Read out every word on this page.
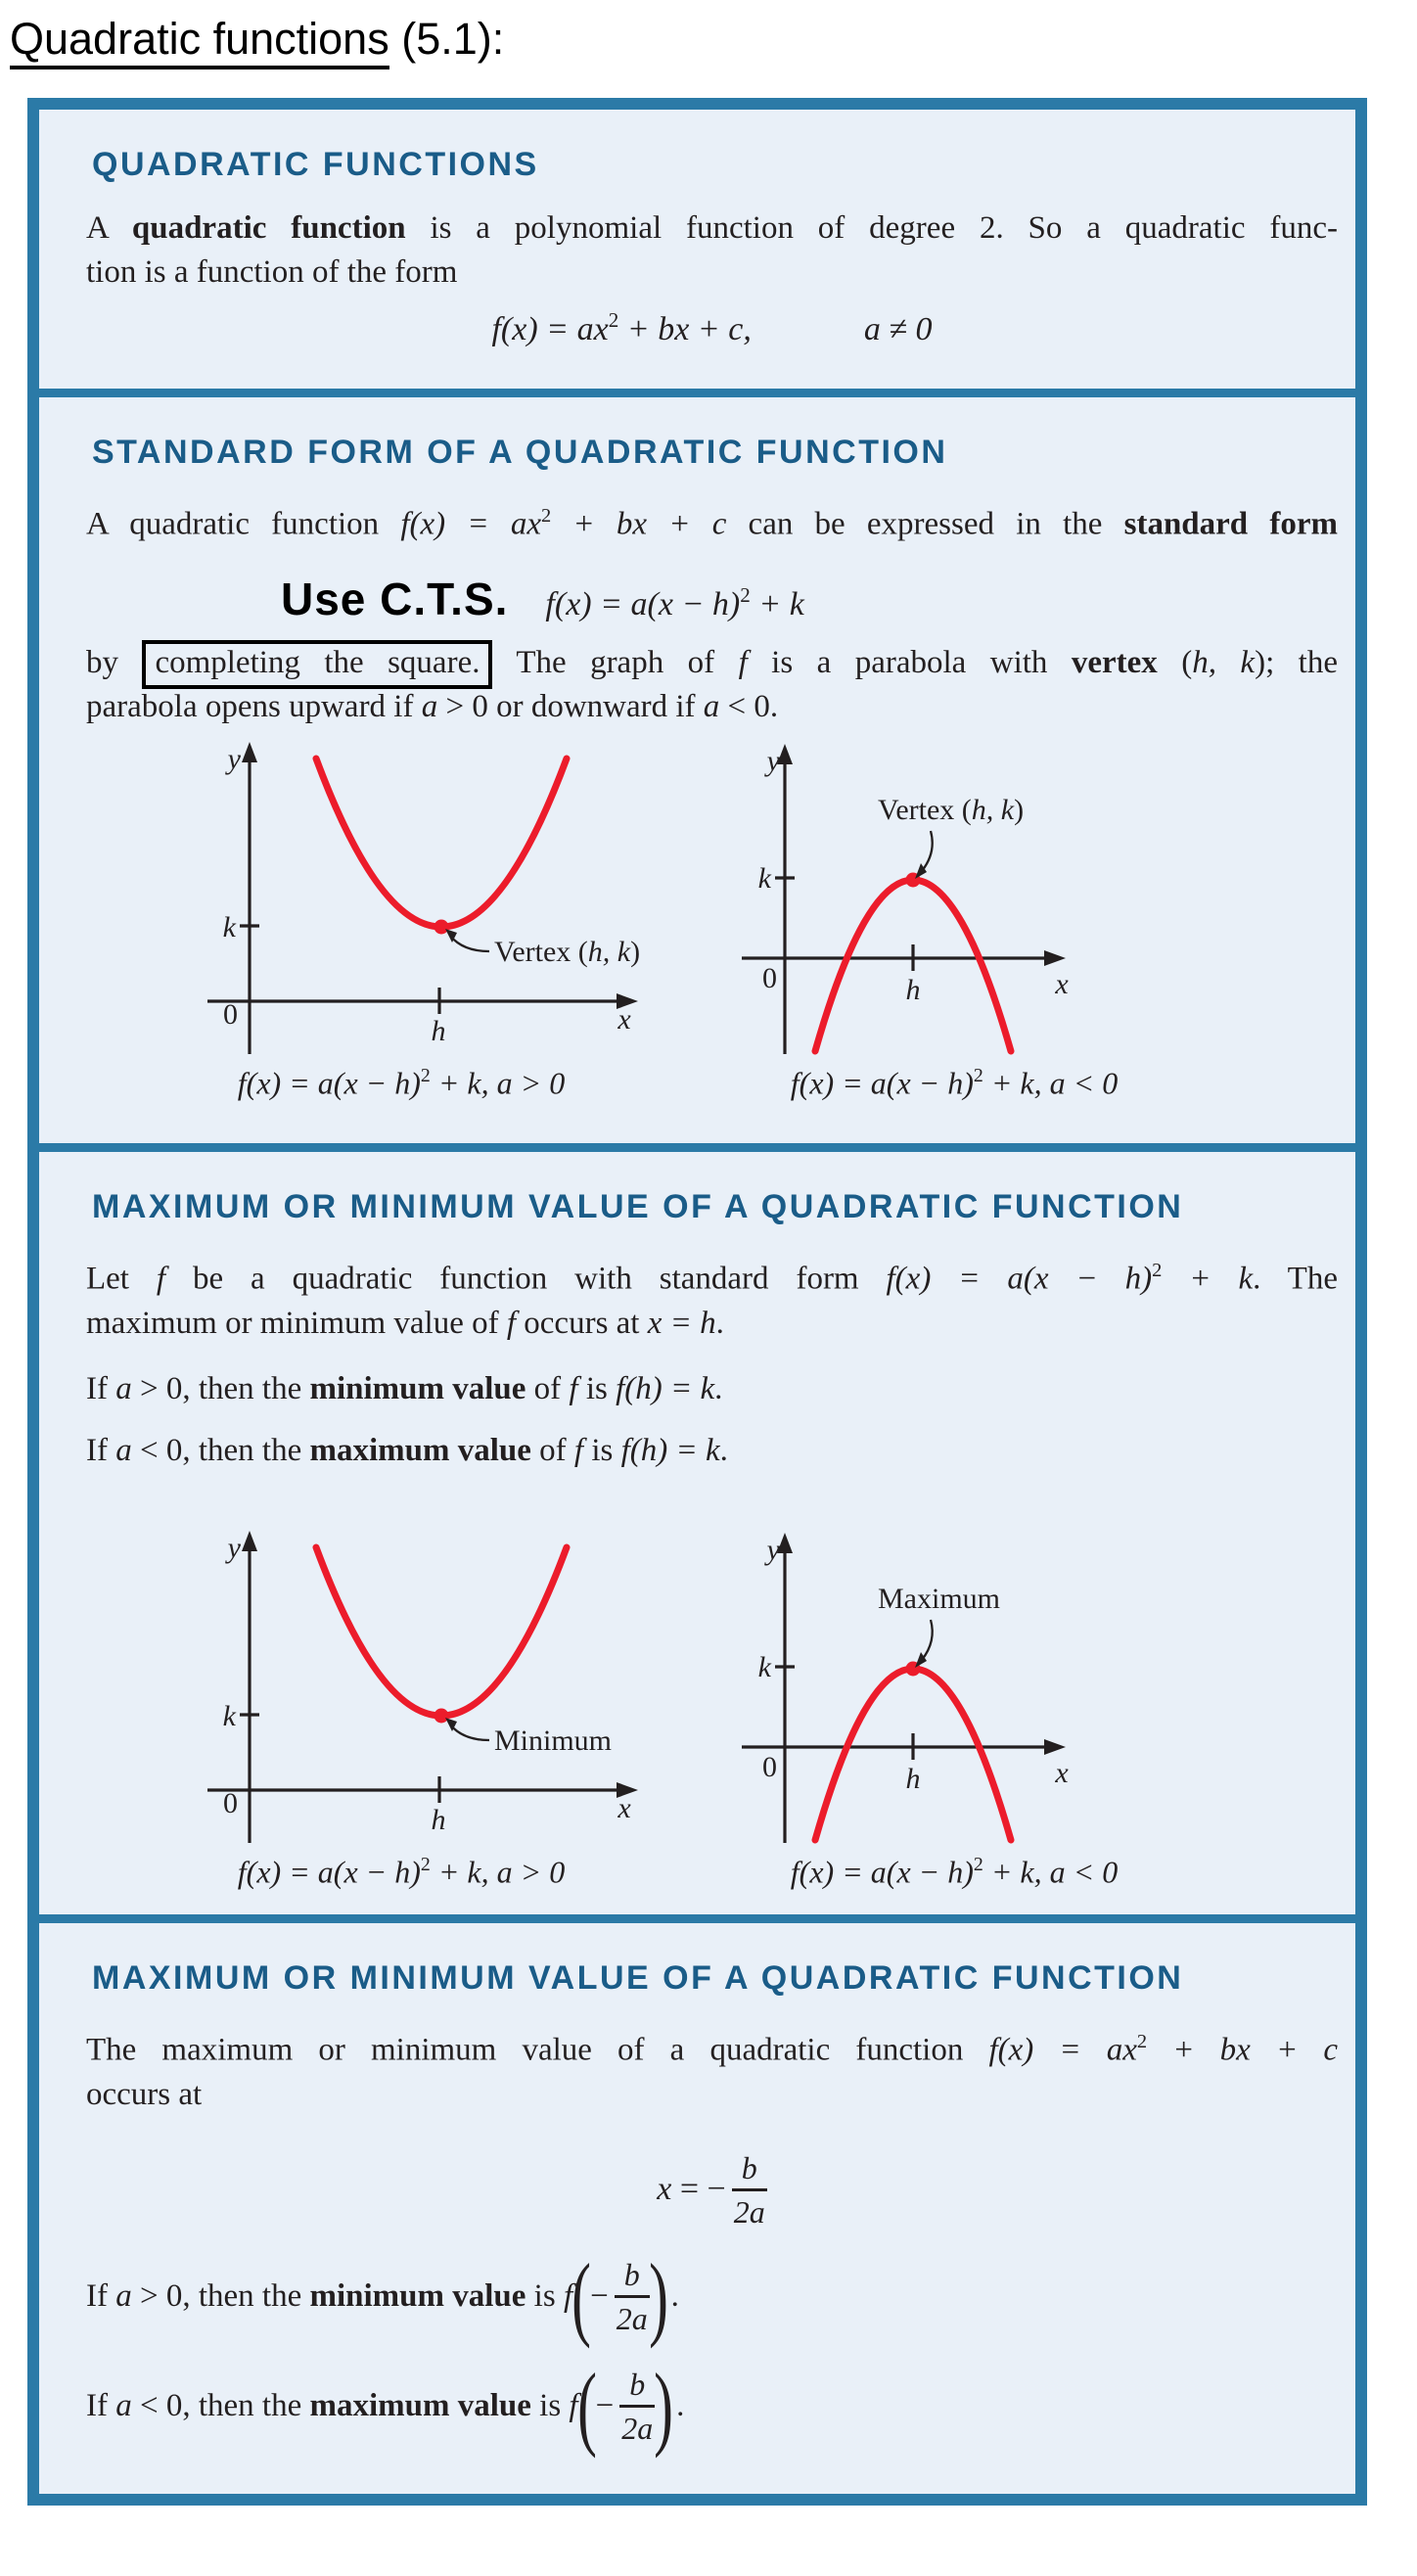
Quadratic functions (5.1):
QUADRATIC FUNCTIONS
A quadratic function is a polynomial function of degree 2. So a quadratic func-
tion is a function of the form
$f(x) = ax^2$ + bx + c,	a ≠ 0
STANDARD FORM OF A QUADRATIC FUNCTION
A quadratic function $f(x) = ax^2$ + bx + c can be expressed in the standard form
Use C.T.S. $f(x) = a(x - h)^2 + k$
by completing the square. The graph of f is a parabola with vertex (h, k); the
parabola opens upward if a > 0 or downward if a < 0.
y
0
k
h	x
Vertex (h, k)
$f(x) = a(x - h)^2 + k$, a > 0
y
0
k
h	x
Vertex (h, k)
$f(x) = a(x - h)^2 + k$, a < 0
MAXIMUM OR MINIMUM VALUE OF A QUADRATIC FUNCTION
Let f be a quadratic function with standard form $f(x) = a(x - h)^2 + k$. The
maximum or minimum value of f occurs at x = h.
If a > 0, then the minimum value of f is f(h) = k.
If a < 0, then the maximum value of f is f(h) = k.
y
0
k
h	x
Minimum
$f(x) = a(x - h)^2 + k$, a > 0
y
0
k
h	x
Maximum
$f(x) = a(x - h)^2 + k$, a < 0
MAXIMUM OR MINIMUM VALUE OF A QUADRATIC FUNCTION
The maximum or minimum value of a quadratic function $f(x) = ax^2$ + bx + c
occurs at
x = − $\frac{b}{2a}$
If a > 0, then the minimum value is f ( − $\frac{b}{2a}$ ) .
If a < 0, then the maximum value is f ( − $\frac{b}{2a}$ ) .
